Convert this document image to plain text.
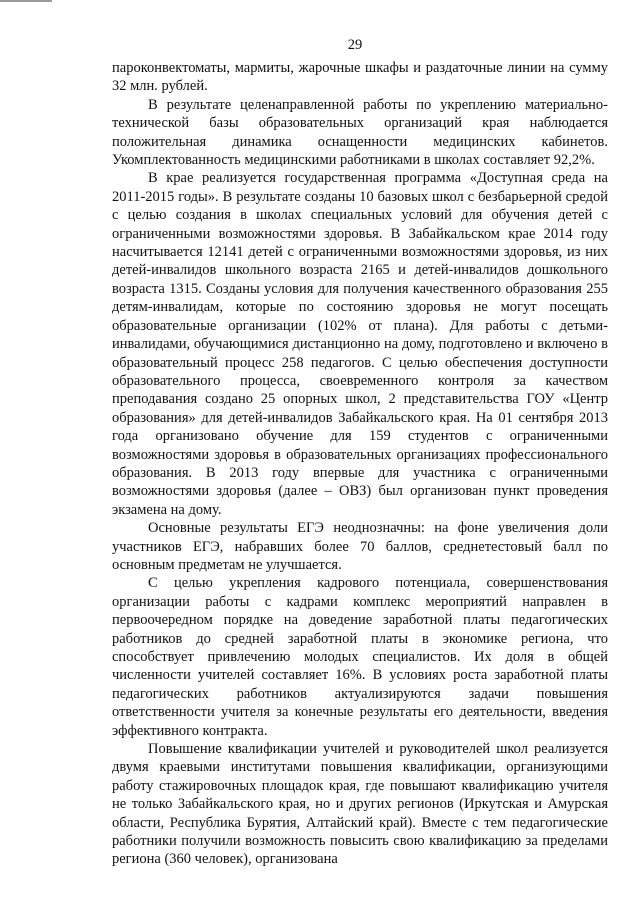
29

пароконвектоматы, мармиты, жарочные шкафы и раздаточные линии на сумму 32 млн. рублей.

В результате целенаправленной работы по укреплению материально-технической базы образовательных организаций края наблюдается положительная динамика оснащенности медицинских кабинетов. Укомплектованность медицинскими работниками в школах составляет 92,2%.

В крае реализуется государственная программа «Доступная среда на 2011-2015 годы». В результате созданы 10 базовых школ с безбарьерной средой с целью создания в школах специальных условий для обучения детей с ограниченными возможностями здоровья. В Забайкальском крае 2014 году насчитывается 12141 детей с ограниченными возможностями здоровья, из них детей-инвалидов школьного возраста 2165 и детей-инвалидов дошкольного возраста 1315. Созданы условия для получения качественного образования 255 детям-инвалидам, которые по состоянию здоровья не могут посещать образовательные организации (102% от плана). Для работы с детьми-инвалидами, обучающимися дистанционно на дому, подготовлено и включено в образовательный процесс 258 педагогов. С целью обеспечения доступности образовательного процесса, своевременного контроля за качеством преподавания создано 25 опорных школ, 2 представительства ГОУ «Центр образования» для детей-инвалидов Забайкальского края. На 01 сентября 2013 года организовано обучение для 159 студентов с ограниченными возможностями здоровья в образовательных организациях профессионального образования. В 2013 году впервые для участника с ограниченными возможностями здоровья (далее – ОВЗ) был организован пункт проведения экзамена на дому.

Основные результаты ЕГЭ неоднозначны: на фоне увеличения доли участников ЕГЭ, набравших более 70 баллов, среднетестовый балл по основным предметам не улучшается.

С целью укрепления кадрового потенциала, совершенствования организации работы с кадрами комплекс мероприятий направлен в первоочередном порядке на доведение заработной платы педагогических работников до средней заработной платы в экономике региона, что способствует привлечению молодых специалистов. Их доля в общей численности учителей составляет 16%. В условиях роста заработной платы педагогических работников актуализируются задачи повышения ответственности учителя за конечные результаты его деятельности, введения эффективного контракта.

Повышение квалификации учителей и руководителей школ реализуется двумя краевыми институтами повышения квалификации, организующими работу стажировочных площадок края, где повышают квалификацию учителя не только Забайкальского края, но и других регионов (Иркутская и Амурская области, Республика Бурятия, Алтайский край). Вместе с тем педагогические работники получили возможность повысить свою квалификацию за пределами региона (360 человек), организована
